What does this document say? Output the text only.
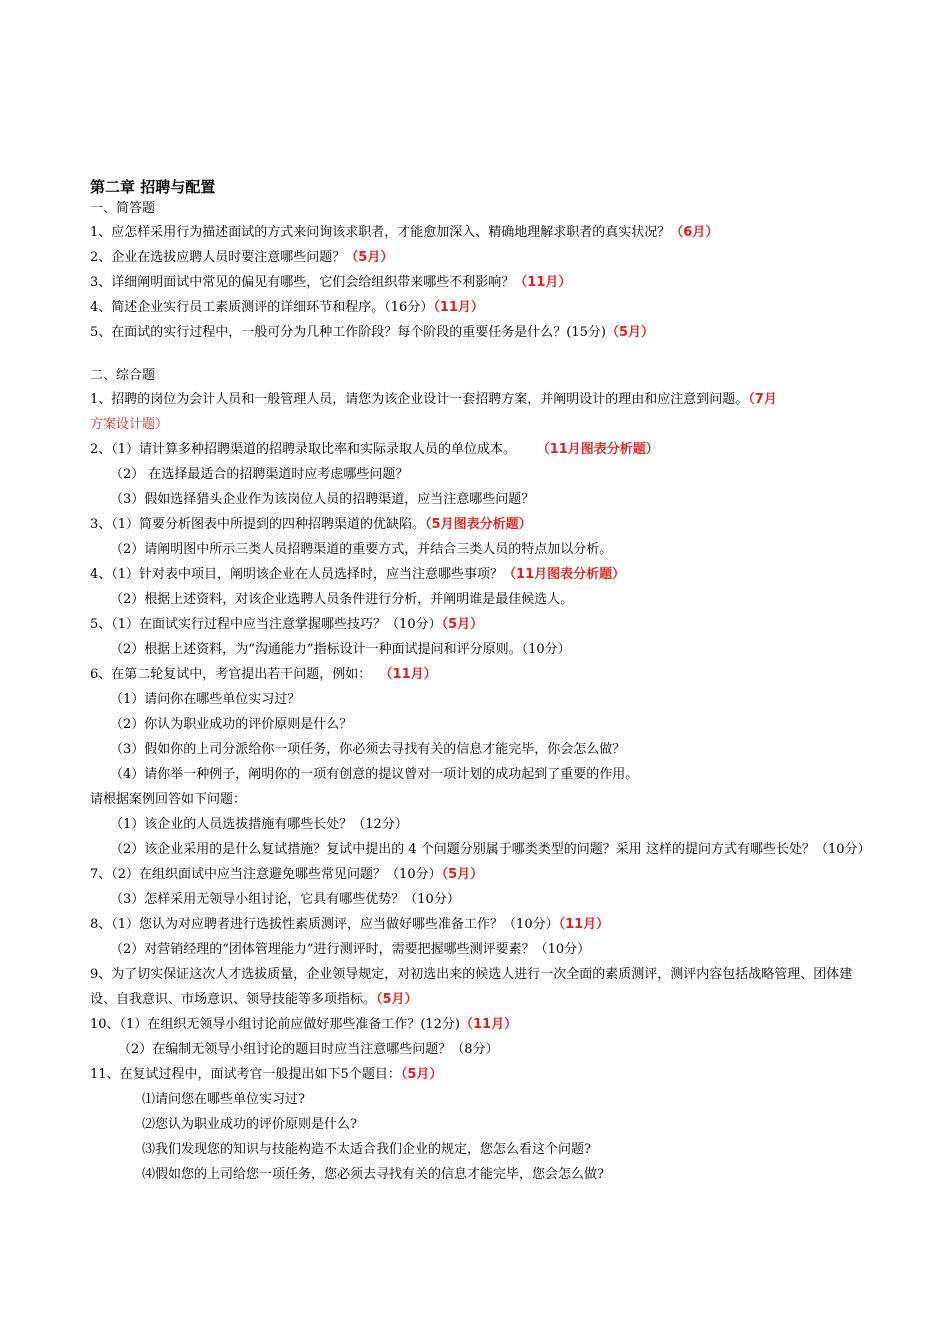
第二章 招聘与配置

一、简答题

1、应怎样采用行为描述面试的方式来问询该求职者，才能愈加深入、精确地理解求职者的真实状况？（6月）

2、企业在选拔应聘人员时要注意哪些问题？（5月）

3、详细阐明面试中常见的偏见有哪些，它们会给组织带来哪些不利影响？（11月）

4、简述企业实行员工素质测评的详细环节和程序。（16分）（11月）

5、在面试的实行过程中，一般可分为几种工作阶段？每个阶段的重要任务是什么？(15分)（5月）

二、综合题

1、招聘的岗位为会计人员和一般管理人员，请您为该企业设计一套招聘方案，并阐明设计的理由和应注意到问题。（7月

方案设计题）

2、（1）请计算多种招聘渠道的招聘录取比率和实际录取人员的单位成本。 （11月图表分析题）

（2） 在选择最适合的招聘渠道时应考虑哪些问题？

（3）假如选择猎头企业作为该岗位人员的招聘渠道，应当注意哪些问题？

3、（1）简要分析图表中所提到的四种招聘渠道的优缺陷。（5月图表分析题）

（2）请阐明图中所示三类人员招聘渠道的重要方式，并结合三类人员的特点加以分析。

4、（1）针对表中项目，阐明该企业在人员选择时，应当注意哪些事项？（11月图表分析题）

（2）根据上述资料，对该企业选聘人员条件进行分析，并阐明谁是最佳候选人。

5、（1）在面试实行过程中应当注意掌握哪些技巧？（10分）（5月）

（2）根据上述资料，为“沟通能力”指标设计一种面试提问和评分原则。（10分）

6、在第二轮复试中，考官提出若干问题，例如： （11月）

（1）请问你在哪些单位实习过？

（2）你认为职业成功的评价原则是什么？

（3）假如你的上司分派给你一项任务，你必须去寻找有关的信息才能完毕，你会怎么做？

（4）请你举一种例子，阐明你的一项有创意的提议曾对一项计划的成功起到了重要的作用。

请根据案例回答如下问题：

（1）该企业的人员选拔措施有哪些长处？（12分）

（2）该企业采用的是什么复试措施？复试中提出的 4 个问题分别属于哪类类型的问题？采用 这样的提问方式有哪些长处？（10分）

7、（2）在组织面试中应当注意避免哪些常见问题？（10分）（5月）

（3）怎样采用无领导小组讨论，它具有哪些优势？（10分）

8、（1）您认为对应聘者进行选拔性素质测评，应当做好哪些准备工作？（10分）（11月）

（2）对营销经理的“团体管理能力”进行测评时，需要把握哪些测评要素？（10分）

9、为了切实保证这次人才选拔质量，企业领导规定，对初选出来的候选人进行一次全面的素质测评，测评内容包括战略管理、团体建设、自我意识、市场意识、领导技能等多项指标。（5月）

10、（1）在组织无领导小组讨论前应做好那些准备工作？(12分)（11月）

（2）在编制无领导小组讨论的题目时应当注意哪些问题？（8分）

11、在复试过程中，面试考官一般提出如下5个题目：（5月）

⑴请问您在哪些单位实习过?

⑵您认为职业成功的评价原则是什么?

⑶我们发现您的知识与技能构造不太适合我们企业的规定，您怎么看这个问题?

⑷假如您的上司给您一项任务，您必须去寻找有关的信息才能完毕，您会怎么做?
